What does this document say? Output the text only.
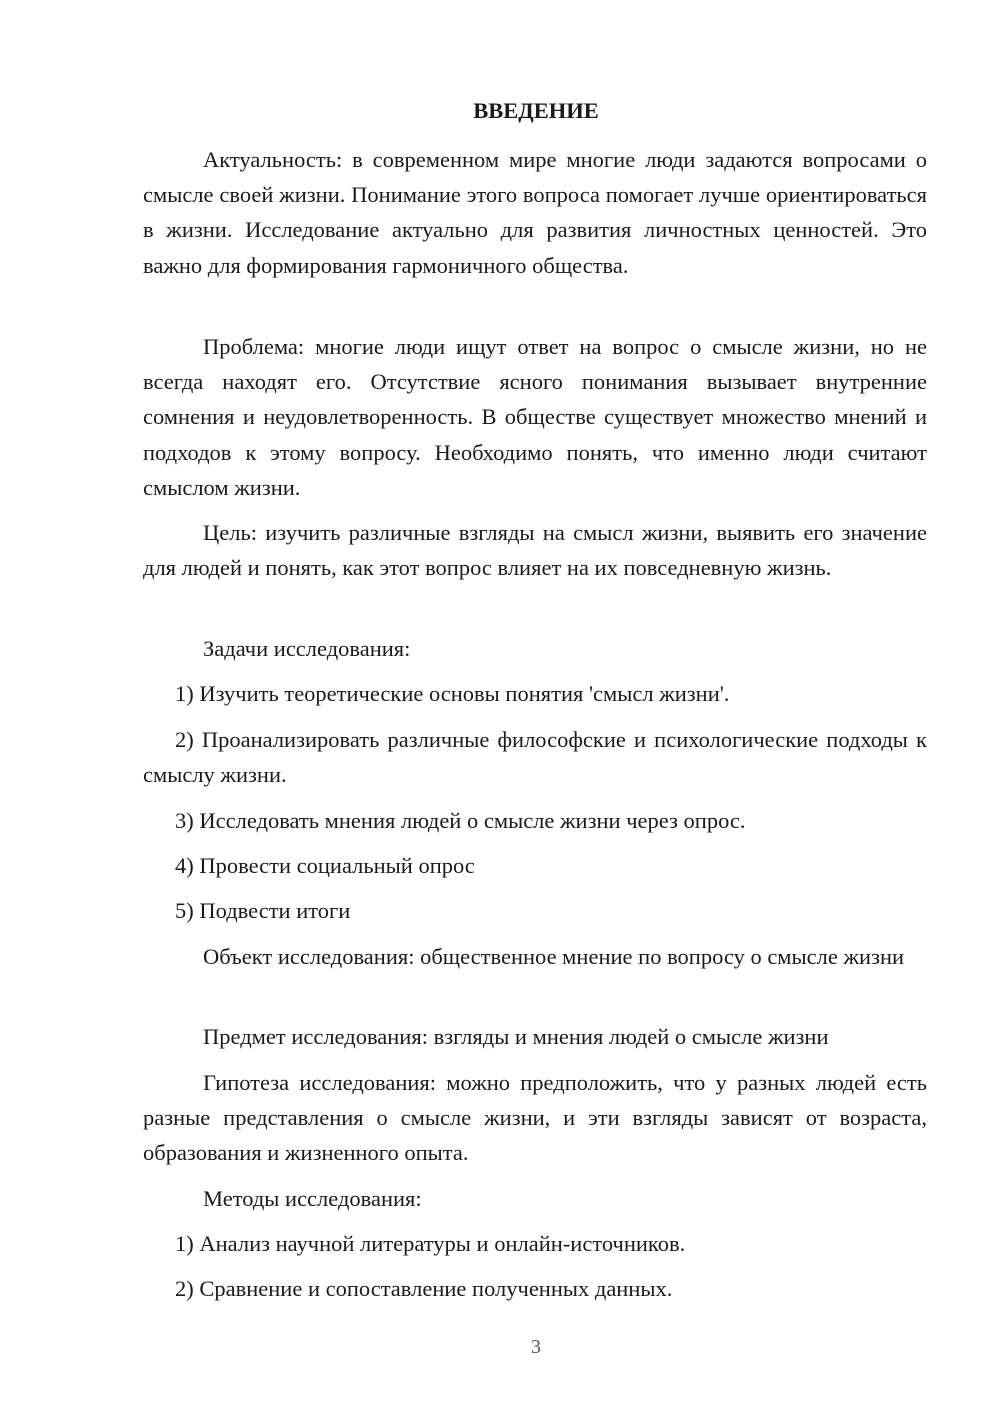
ВВЕДЕНИЕ

Актуальность: в современном мире многие люди задаются вопросами о смысле своей жизни. Понимание этого вопроса помогает лучше ориентироваться в жизни. Исследование актуально для развития личностных ценностей. Это важно для формирования гармоничного общества.

Проблема: многие люди ищут ответ на вопрос о смысле жизни, но не всегда находят его. Отсутствие ясного понимания вызывает внутренние сомнения и неудовлетворенность. В обществе существует множество мнений и подходов к этому вопросу. Необходимо понять, что именно люди считают смыслом жизни.

Цель: изучить различные взгляды на смысл жизни, выявить его значение для людей и понять, как этот вопрос влияет на их повседневную жизнь.

Задачи исследования:

1) Изучить теоретические основы понятия 'смысл жизни'.

2) Проанализировать различные философские и психологические подходы к смыслу жизни.

3) Исследовать мнения людей о смысле жизни через опрос.

4) Провести социальный опрос

5) Подвести итоги

Объект исследования: общественное мнение по вопросу о смысле жизни

Предмет исследования: взгляды и мнения людей о смысле жизни

Гипотеза исследования: можно предположить, что у разных людей есть разные представления о смысле жизни, и эти взгляды зависят от возраста, образования и жизненного опыта.

Методы исследования:

1) Анализ научной литературы и онлайн-источников.

2) Сравнение и сопоставление полученных данных.

3
